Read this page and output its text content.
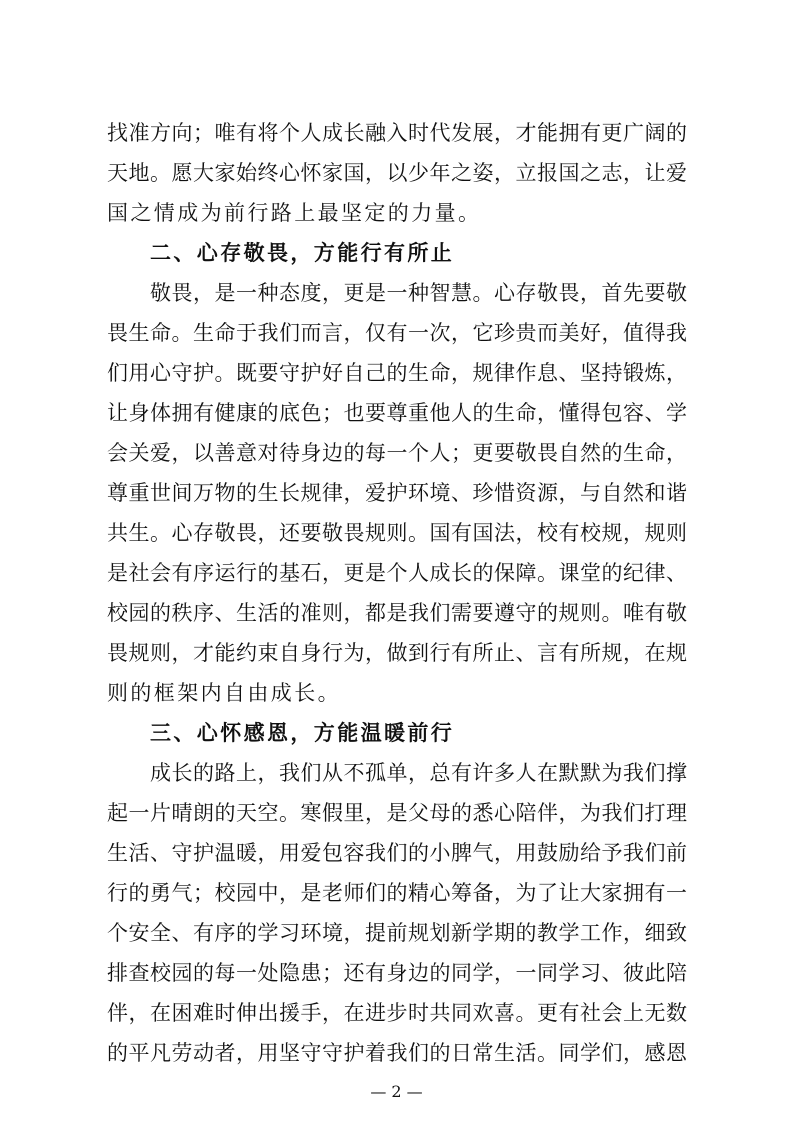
找准方向；唯有将个人成长融入时代发展，才能拥有更广阔的
天地。愿大家始终心怀家国，以少年之姿，立报国之志，让爱
国之情成为前行路上最坚定的力量。
二、心存敬畏，方能行有所止
敬畏，是一种态度，更是一种智慧。心存敬畏，首先要敬
畏生命。生命于我们而言，仅有一次，它珍贵而美好，值得我
们用心守护。既要守护好自己的生命，规律作息、坚持锻炼，
让身体拥有健康的底色；也要尊重他人的生命，懂得包容、学
会关爱，以善意对待身边的每一个人；更要敬畏自然的生命，
尊重世间万物的生长规律，爱护环境、珍惜资源，与自然和谐
共生。心存敬畏，还要敬畏规则。国有国法，校有校规，规则
是社会有序运行的基石，更是个人成长的保障。课堂的纪律、
校园的秩序、生活的准则，都是我们需要遵守的规则。唯有敬
畏规则，才能约束自身行为，做到行有所止、言有所规，在规
则的框架内自由成长。
三、心怀感恩，方能温暖前行
成长的路上，我们从不孤单，总有许多人在默默为我们撑
起一片晴朗的天空。寒假里，是父母的悉心陪伴，为我们打理
生活、守护温暖，用爱包容我们的小脾气，用鼓励给予我们前
行的勇气；校园中，是老师们的精心筹备，为了让大家拥有一
个安全、有序的学习环境，提前规划新学期的教学工作，细致
排查校园的每一处隐患；还有身边的同学，一同学习、彼此陪
伴，在困难时伸出援手，在进步时共同欢喜。更有社会上无数
的平凡劳动者，用坚守守护着我们的日常生活。同学们，感恩
— 2 —
